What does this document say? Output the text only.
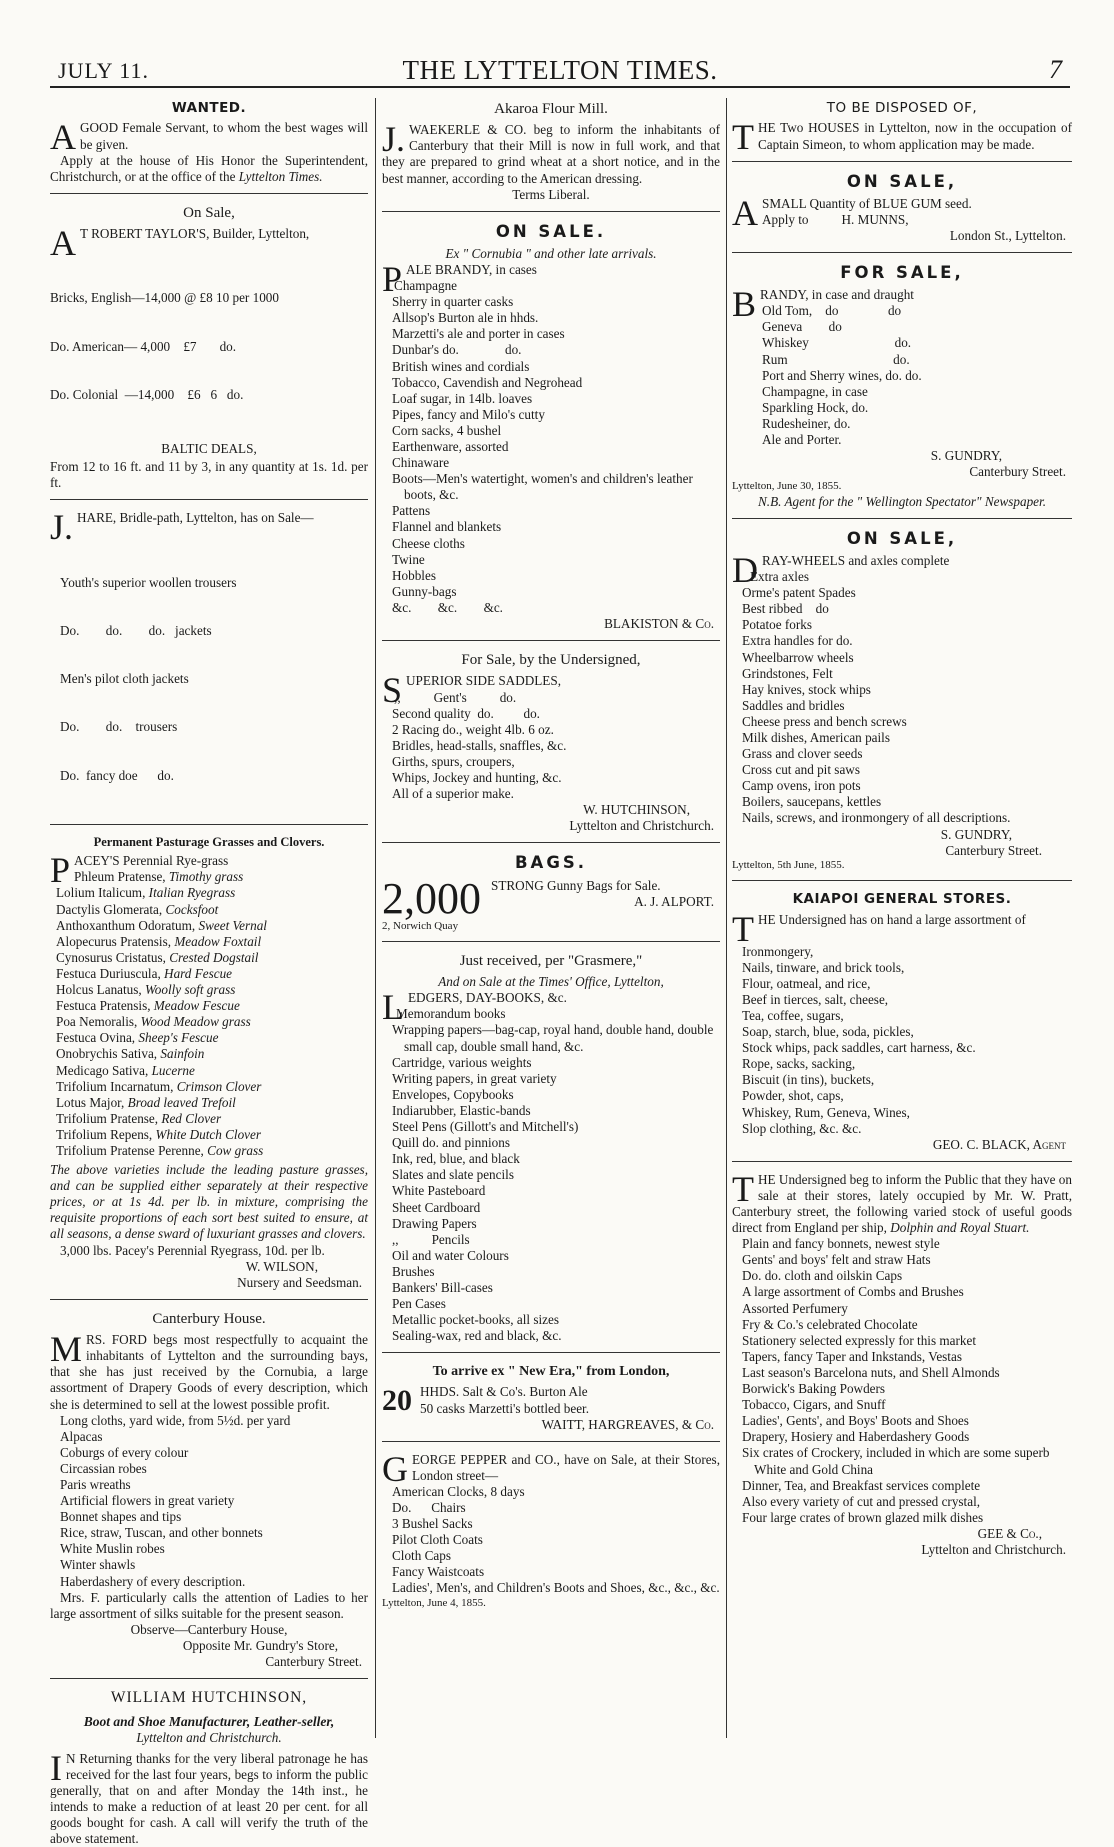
JULY 11.	THE LYTTELTON TIMES.	7
WANTED.

AGOOD Female Servant, to whom the best wages will be given.

Apply at the house of His Honor the Superintendent, Christchurch, or at the office of the Lyttelton Times.

On Sale,

A T ROBERT TAYLOR'S, Builder, Lyttelton,

Bricks, English—14,000 @ £8 10 per 1000

Do. American— 4,000    £7       do.

Do. Colonial  —14,000    £6   6   do.

BALTIC DEALS,

From 12 to 16 ft. and 11 by 3, in any quantity at 1s. 1d. per ft.

J. HARE, Bridle-path, Lyttelton, has on Sale—

Youth's superior woollen trousers

Do.        do.        do.   jackets

Men's pilot cloth jackets

Do.        do.    trousers

Do.  fancy doe      do.

Permanent Pasturage Grasses and Clovers.

PACEY'S Perennial Rye-grass

Phleum Pratense, Timothy grass
Lolium Italicum, Italian Ryegrass
Dactylis Glomerata, Cocksfoot
Anthoxanthum Odoratum, Sweet Vernal
Alopecurus Pratensis, Meadow Foxtail
Cynosurus Cristatus, Crested Dogstail
Festuca Duriuscula, Hard Fescue
Holcus Lanatus, Woolly soft grass
Festuca Pratensis, Meadow Fescue
Poa Nemoralis, Wood Meadow grass
Festuca Ovina, Sheep's Fescue
Onobrychis Sativa, Sainfoin
Medicago Sativa, Lucerne
Trifolium Incarnatum, Crimson Clover
Lotus Major, Broad leaved Trefoil
Trifolium Pratense, Red Clover
Trifolium Repens, White Dutch Clover
Trifolium Pratense Perenne, Cow grass

The above varieties include the leading pasture grasses, and can be supplied either separately at their respective prices, or at 1s 4d. per lb. in mixture, comprising the requisite proportions of each sort best suited to ensure, at all seasons, a dense sward of luxuriant grasses and clovers.

3,000 lbs. Pacey's Perennial Ryegrass, 10d. per lb.

W. WILSON,
Nursery and Seedsman.
Canterbury House.

MRS. FORD begs most respectfully to acquaint the inhabitants of Lyttelton and the surrounding bays, that she has just received by the Cornubia, a large assortment of Drapery Goods of every description, which she is determined to sell at the lowest possible profit.

Long cloths, yard wide, from 5½d. per yard
Alpacas
Coburgs of every colour
Circassian robes
Paris wreaths
Artificial flowers in great variety
Bonnet shapes and tips
Rice, straw, Tuscan, and other bonnets
White Muslin robes
Winter shawls
Haberdashery of every description.

Mrs. F. particularly calls the attention of Ladies to her large assortment of silks suitable for the present season.

Observe—Canterbury House,
Opposite Mr. Gundry's Store,
Canterbury Street.
WILLIAM HUTCHINSON,
Boot and Shoe Manufacturer, Leather-seller,
Lyttelton and Christchurch.

I N Returning thanks for the very liberal patronage he has received for the last four years, begs to inform the public generally, that on and after Monday the 14th inst., he intends to make a reduction of at least 20 per cent. for all goods bought for cash. A call will verify the truth of the above statement.

Akaroa Flour Mill.

J. WAEKERLE & CO. beg to inform the inhabitants of Canterbury that their Mill is now in full work, and that they are prepared to grind wheat at a short notice, and in the best manner, according to the American dressing.

Terms Liberal.
ON SALE.
Ex " Cornubia " and other late arrivals.

PALE BRANDY, in cases

Champagne
Sherry in quarter casks
Allsop's Burton ale in hhds.
Marzetti's ale and porter in cases
Dunbar's do.              do.
British wines and cordials
Tobacco, Cavendish and Negrohead
Loaf sugar, in 14lb. loaves
Pipes, fancy and Milo's cutty
Corn sacks, 4 bushel
Earthenware, assorted
Chinaware
Boots—Men's watertight, women's and children's leather boots, &c.
Pattens
Flannel and blankets
Cheese cloths
Twine
Hobbles
Gunny-bags
&c.        &c.        &c.
BLAKISTON & Co.
For Sale, by the Undersigned,

SUPERIOR SIDE SADDLES,

,,          Gent's          do.
Second quality  do.         do.
2 Racing do., weight 4lb. 6 oz.
Bridles, head-stalls, snaffles, &c.
Girths, spurs, croupers,
Whips, Jockey and hunting, &c.
All of a superior make.
W. HUTCHINSON,
Lyttelton and Christchurch.
BAGS.
2,000 STRONG Gunny Bags for Sale.
A. J. ALPORT.
2, Norwich Quay
Just received, per "Grasmere,"
And on Sale at the Times' Office, Lyttelton,

LEDGERS, DAY-BOOKS, &c.

Memorandum books
Wrapping papers—bag-cap, royal hand, double hand, double small cap, double small hand, &c.
Cartridge, various weights
Writing papers, in great variety
Envelopes, Copybooks
Indiarubber, Elastic-bands
Steel Pens (Gillott's and Mitchell's)
Quill do. and pinnions
Ink, red, blue, and black
Slates and slate pencils
White Pasteboard
Sheet Cardboard
Drawing Papers
,,          Pencils
Oil and water Colours
Brushes
Bankers' Bill-cases
Pen Cases
Metallic pocket-books, all sizes
Sealing-wax, red and black, &c.
To arrive ex " New Era," from London,
20 HHDS. Salt & Co's. Burton Ale
50 casks Marzetti's bottled beer.
WAITT, HARGREAVES, & Co.

GEORGE PEPPER and CO., have on Sale, at their Stores, London street—

American Clocks, 8 days
Do.      Chairs
3 Bushel Sacks
Pilot Cloth Coats
Cloth Caps
Fancy Waistcoats
Ladies', Men's, and Children's Boots and Shoes, &c., &c., &c.
Lyttelton, June 4, 1855.
TO BE DISPOSED OF,

THE Two HOUSES in Lyttelton, now in the occupation of Captain Simeon, to whom application may be made.

ON SALE,

ASMALL Quantity of BLUE GUM seed.

Apply to          H. MUNNS,
London St., Lyttelton.
FOR SALE,

BRANDY, in case and draught

Old Tom,    do               do
Geneva        do
Whiskey                          do.
Rum                                do.
Port and Sherry wines, do. do.
Champagne, in case
Sparkling Hock, do.
Rudesheiner, do.
Ale and Porter.
S. GUNDRY,
Canterbury Street.
Lyttelton, June 30, 1855.
N.B. Agent for the " Wellington Spectator" Newspaper.
ON SALE,

DRAY-WHEELS and axles complete

Extra axles
Orme's patent Spades
Best ribbed    do
Potatoe forks
Extra handles for do.
Wheelbarrow wheels
Grindstones, Felt
Hay knives, stock whips
Saddles and bridles
Cheese press and bench screws
Milk dishes, American pails
Grass and clover seeds
Cross cut and pit saws
Camp ovens, iron pots
Boilers, saucepans, kettles
Nails, screws, and ironmongery of all descriptions.
S. GUNDRY,
Canterbury Street.
Lyttelton, 5th June, 1855.
KAIAPOI GENERAL STORES.

THE Undersigned has on hand a large assortment of

Ironmongery,
Nails, tinware, and brick tools,
Flour, oatmeal, and rice,
Beef in tierces, salt, cheese,
Tea, coffee, sugars,
Soap, starch, blue, soda, pickles,
Stock whips, pack saddles, cart harness, &c.
Rope, sacks, sacking,
Biscuit (in tins), buckets,
Powder, shot, caps,
Whiskey, Rum, Geneva, Wines,
Slop clothing, &c. &c.
GEO. C. BLACK, Agent

THE Undersigned beg to inform the Public that they have on sale at their stores, lately occupied by Mr. W. Pratt, Canterbury street, the following varied stock of useful goods direct from England per ship, Dolphin and Royal Stuart.

Plain and fancy bonnets, newest style
Gents' and boys' felt and straw Hats
Do. do. cloth and oilskin Caps
A large assortment of Combs and Brushes
Assorted Perfumery
Fry & Co.'s celebrated Chocolate
Stationery selected expressly for this market
Tapers, fancy Taper and Inkstands, Vestas
Last season's Barcelona nuts, and Shell Almonds
Borwick's Baking Powders
Tobacco, Cigars, and Snuff
Ladies', Gents', and Boys' Boots and Shoes
Drapery, Hosiery and Haberdashery Goods
Six crates of Crockery, included in which are some superb White and Gold China
Dinner, Tea, and Breakfast services complete
Also every variety of cut and pressed crystal,
Four large crates of brown glazed milk dishes
GEE & Co.,
Lyttelton and Christchurch.
